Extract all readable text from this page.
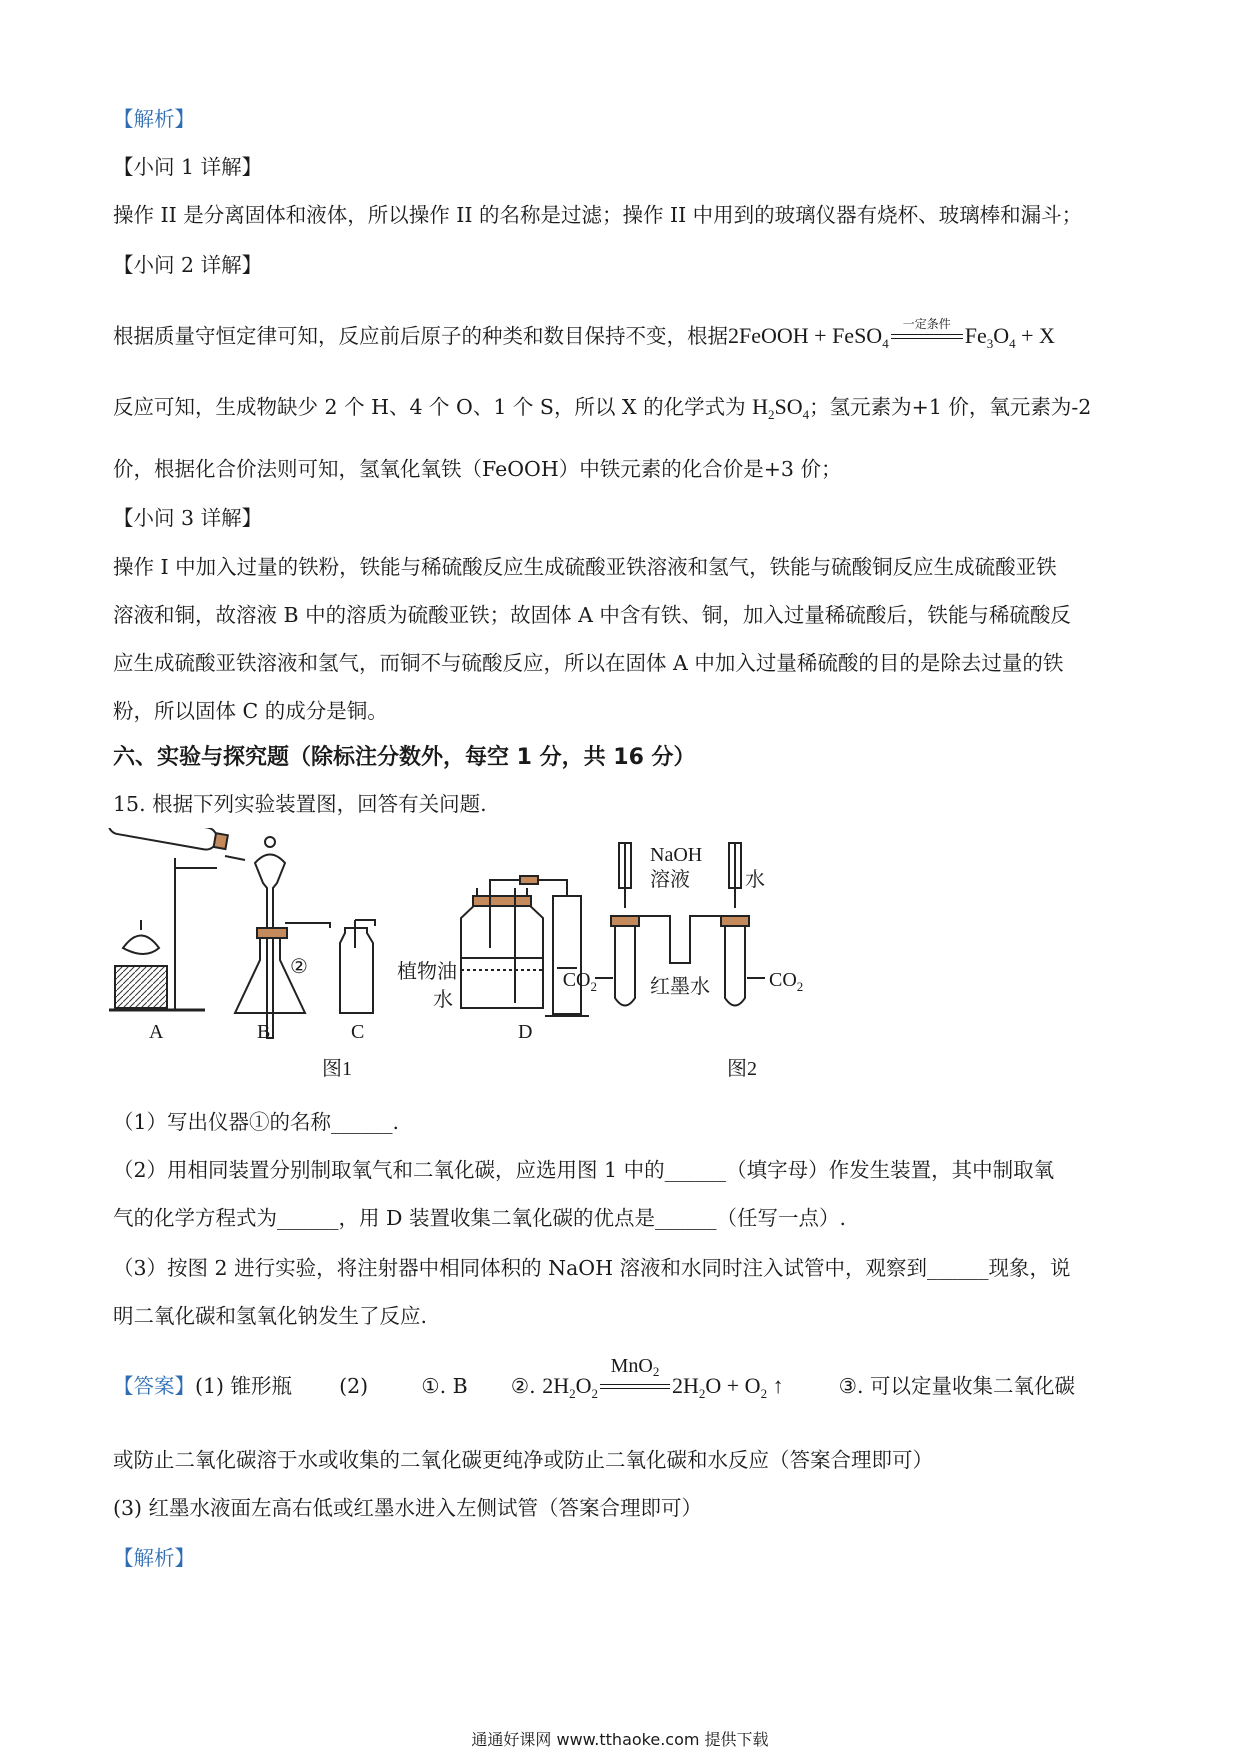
【解析】
【小问 1 详解】
操作 II 是分离固体和液体，所以操作 II 的名称是过滤；操作 II 中用到的玻璃仪器有烧杯、玻璃棒和漏斗；
【小问 2 详解】
根据质量守恒定律可知，反应前后原子的种类和数目保持不变，根据2FeOOH + FeSO$_4$
一定条件 $Fe_3O_4 + X$
反应可知，生成物缺少 2 个 H、4 个 O、1 个 S，所以 X 的化学式为 $H_2SO_4$；氢元素为+1 价，氧元素为-2
价，根据化合价法则可知，氢氧化氧铁（FeOOH）中铁元素的化合价是+3 价；
【小问 3 详解】
操作 I 中加入过量的铁粉，铁能与稀硫酸反应生成硫酸亚铁溶液和氢气，铁能与硫酸铜反应生成硫酸亚铁
溶液和铜，故溶液 B 中的溶质为硫酸亚铁；故固体 A 中含有铁、铜，加入过量稀硫酸后，铁能与稀硫酸反
应生成硫酸亚铁溶液和氢气，而铜不与硫酸反应，所以在固体 A 中加入过量稀硫酸的目的是除去过量的铁
粉，所以固体 C 的成分是铜。
六、实验与探究题（除标注分数外，每空 1 分，共 16 分）
15. 根据下列实验装置图，回答有关问题.
A	B	C	D
②	植物油
水
图1
NaOH
溶液	水
$CO_2$	$CO_2$
红墨水
图2
（1）写出仪器①的名称______.
（2）用相同装置分别制取氧气和二氧化碳，应选用图 1 中的______（填字母）作发生装置，其中制取氧
气的化学方程式为______，用 D 装置收集二氧化碳的优点是______（任写一点）.
（3）按图 2 进行实验，将注射器中相同体积的 NaOH 溶液和水同时注入试管中，观察到______现象，说
明二氧化碳和氢氧化钠发生了反应.
【答案】(1) 锥形瓶 (2)	①. B ②. $2H_2O_2$
MnO$_2$
$2H_2O + O_2$ ↑	③. 可以定量收集二氧化碳
或防止二氧化碳溶于水或收集的二氧化碳更纯净或防止二氧化碳和水反应（答案合理即可）
(3) 红墨水液面左高右低或红墨水进入左侧试管（答案合理即可）
【解析】
通通好课网 www.tthaoke.com 提供下载
